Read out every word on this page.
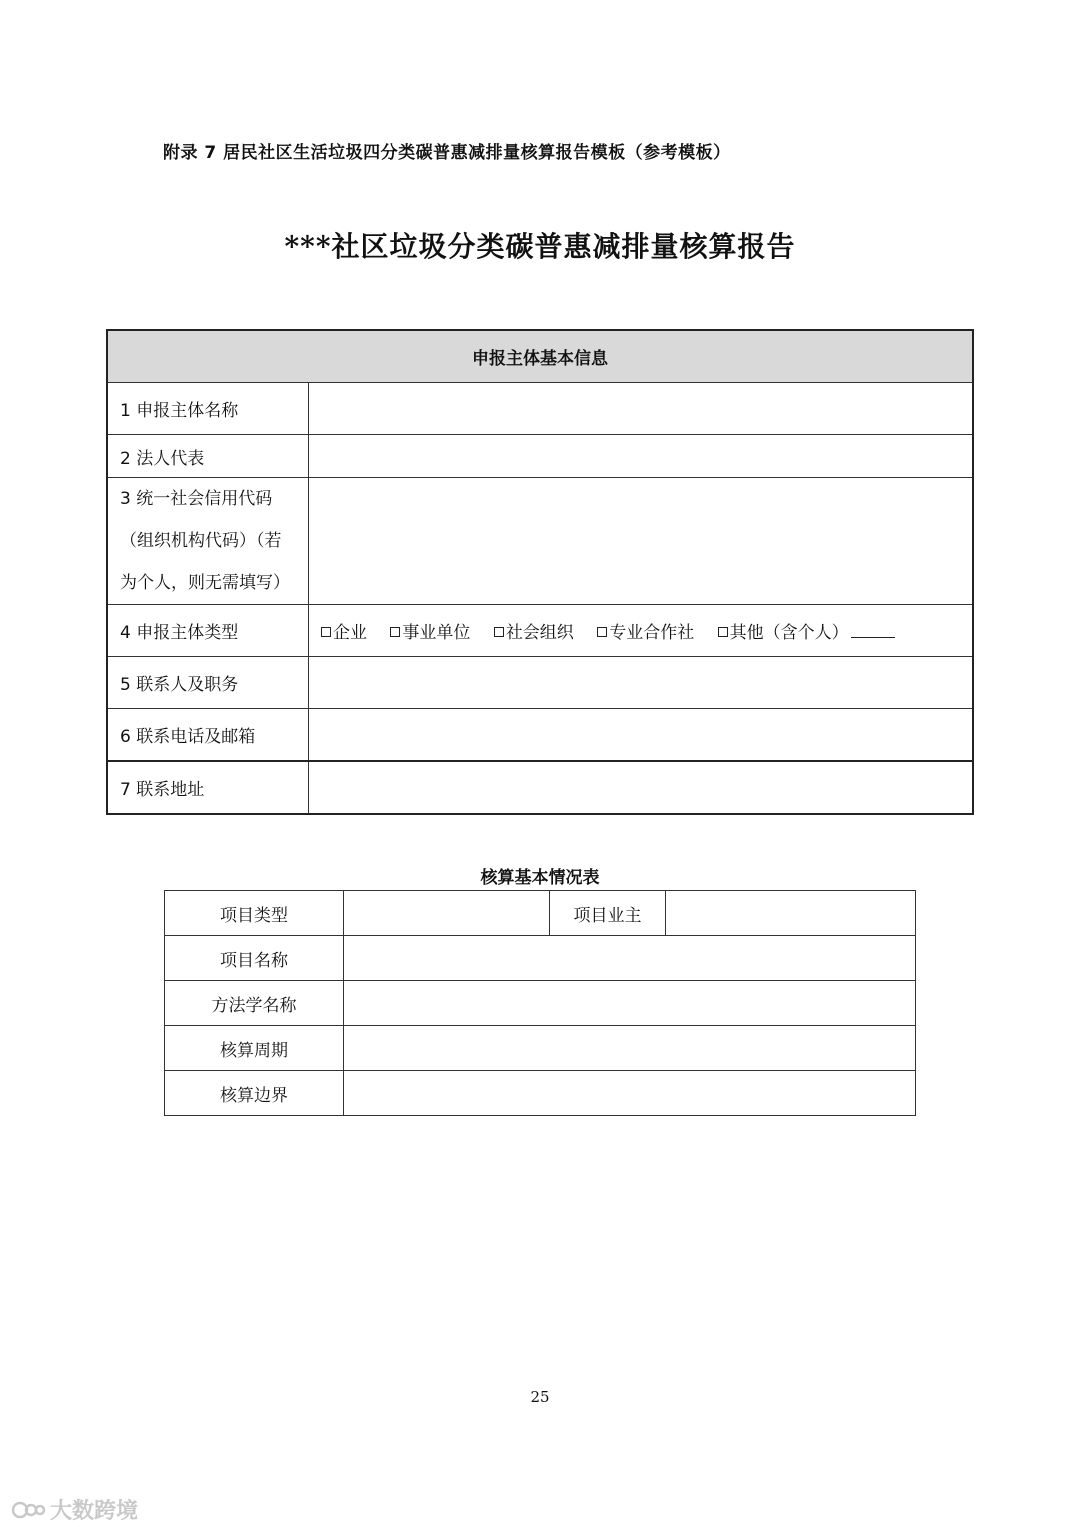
附录 7 居民社区生活垃圾四分类碳普惠减排量核算报告模板（参考模板）
***社区垃圾分类碳普惠减排量核算报告
申报主体基本信息	
1 申报主体名称	
2 法人代表	

3 统一社会信用代码
（组织机构代码）（若
为个人，则无需填写）	

4 申报主体类型	企业 事业单位 社会组织 专业合作社 其他（含个人）
5 联系人及职务	
6 联系电话及邮箱	
7 联系地址	
核算基本情况表
项目类型		项目业主	
项目名称			
方法学名称			
核算周期			
核算边界			
25
大数跨境
